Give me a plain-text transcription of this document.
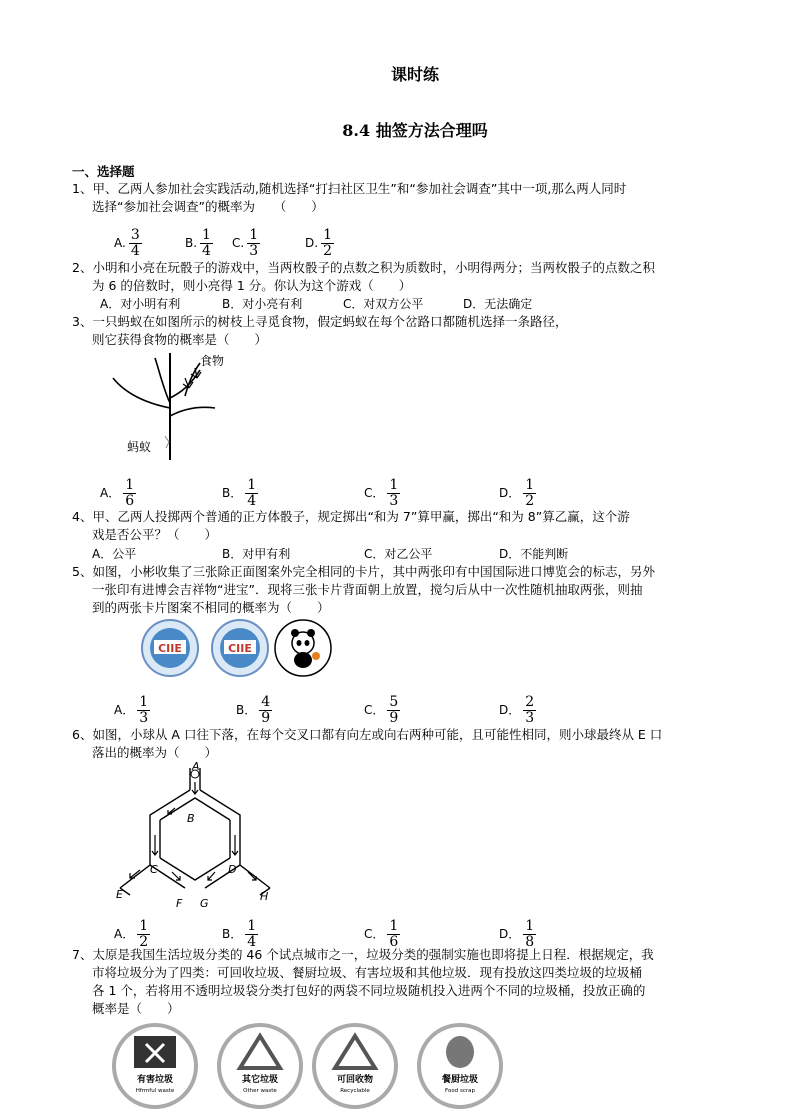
课时练
8.4 抽签方法合理吗
一、选择题
1、甲、乙两人参加社会实践活动,随机选择“打扫社区卫生”和“参加社会调查”其中一项,那么两人同时
选择“参加社会调查”的概率为　　（　　）
A. $\frac{3}{4}$	B. $\frac{1}{4} C$. $\frac{1}{3}$	D. $\frac{1}{2}$
2、小明和小亮在玩骰子的游戏中，当两枚骰子的点数之积为质数时，小明得两分；当两枚骰子的点数之积
为 6 的倍数时，则小亮得 1 分。你认为这个游戏（　　）
A．对小明有利	B．对小亮有利	C．对双方公平	D．无法确定
3、一只蚂蚁在如图所示的树枝上寻觅食物，假定蚂蚁在每个岔路口都随机选择一条路径，
则它获得食物的概率是（　　）
食物
蚂蚁
A． $\frac{1}{6}$	B． $\frac{1}{4}$	C． $\frac{1}{3}$	D． $\frac{1}{2}$
4、甲、乙两人投掷两个普通的正方体骰子，规定掷出“和为 7”算甲赢，掷出“和为 8”算乙赢，这个游
戏是否公平？（　　）
A．公平	B．对甲有利	C．对乙公平	D．不能判断
5、如图，小彬收集了三张除正面图案外完全相同的卡片，其中两张印有中国国际进口博览会的标志，另外
一张印有进博会吉祥物“进宝”．现将三张卡片背面朝上放置，搅匀后从中一次性随机抽取两张，则抽
到的两张卡片图案不相同的概率为（　　）
CIIE	CIIE
A． $\frac{1}{3}$	B． $\frac{4}{9}$	C． $\frac{5}{9}$	D． $\frac{2}{3}$
6、如图，小球从 A 口往下落，在每个交叉口都有向左或向右两种可能，且可能性相同，则小球最终从 E 口
落出的概率为（　　）
A
B
C	D
E
F G
H
A． $\frac{1}{2}$	B． $\frac{1}{4}$	C． $\frac{1}{6}$	D． $\frac{1}{8}$
7、太原是我国生活垃圾分类的 46 个试点城市之一，垃圾分类的强制实施也即将提上日程．根据规定，我
市将垃圾分为了四类：可回收垃圾、餐厨垃圾、有害垃圾和其他垃圾．现有投放这四类垃圾的垃圾桶
各 1 个，若将用不透明垃圾袋分类打包好的两袋不同垃圾随机投入进两个不同的垃圾桶，投放正确的
概率是（　　）
有害垃圾
Hfrmful waste
其它垃圾
Other waste
可回收物
Recyclable
餐厨垃圾
Food scrap
